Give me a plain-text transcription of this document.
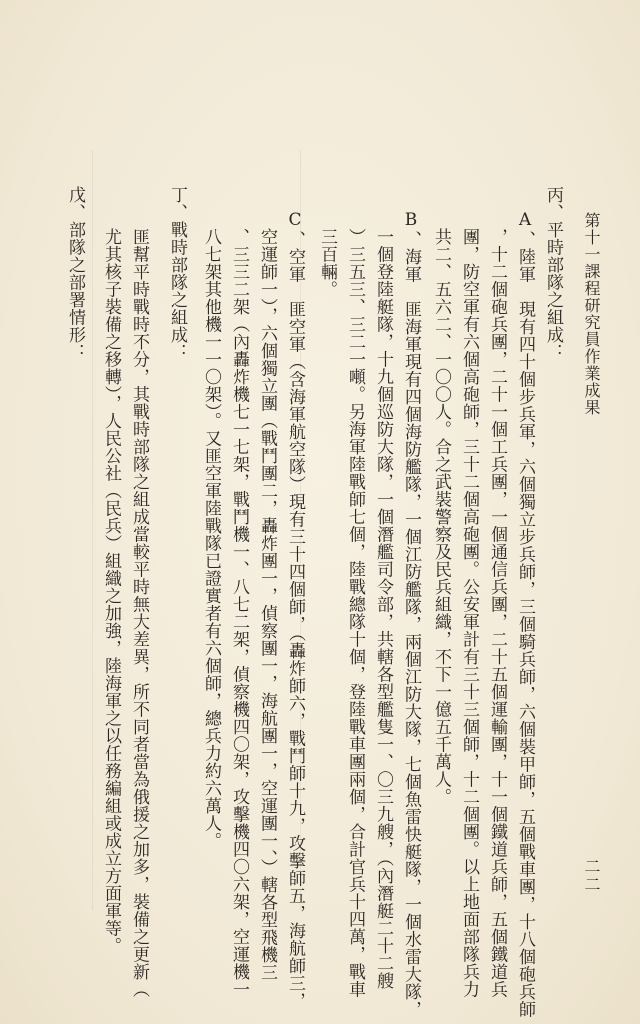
第十一課程研究員作業成果
二二
丙、平時部隊之組成：
A、陸軍　現有四十個步兵軍，六個獨立步兵師，三個騎兵師，六個裝甲師，五個戰車團，十八個砲兵師
，十二個砲兵團，二十一個工兵團，一個通信兵團，二十五個運輸團，十一個鐵道兵師，五個鐵道兵
團，防空軍有六個高砲師，三十二個高砲團。公安軍計有三十三個師，十二個團。以上地面部隊兵力
共二、五六二、一〇〇人。合之武裝警察及民兵組織，不下一億五千萬人。
B、海軍　匪海軍現有四個海防艦隊，一個江防艦隊，兩個江防大隊，七個魚雷快艇隊，一個水雷大隊，
一個登陸艇隊，十九個巡防大隊，一個潛艦司令部，共轄各型艦隻一、〇三九艘，（內潛艇二十二艘
）三五三、三二一噸。另海軍陸戰師七個，陸戰總隊十個，登陸戰車團兩個，合計官兵十四萬，戰車
三百輛。
C、空軍　匪空軍（含海軍航空隊）現有三十四個師，（轟炸師六，戰鬥師十九，攻擊師五，海航師三，
空運師一），六個獨立團（戰鬥團二，轟炸團一，偵察團一，海航團一，空運團一、）轄各型飛機三
、三三二架（內轟炸機七一七架，戰鬥機一、八七二架，偵察機四〇架，攻擊機四〇六架，空運機一
八七架其他機一一〇架）。又匪空軍陸戰隊已證實者有六個師，總兵力約六萬人。
丁、戰時部隊之組成：
匪幫平時戰時不分，其戰時部隊之組成當較平時無大差異，所不同者當為俄援之加多，裝備之更新（
尤其核子裝備之移轉），人民公社（民兵）組織之加強，陸海軍之以任務編組或成立方面軍等。
戊、部隊之部署情形：
